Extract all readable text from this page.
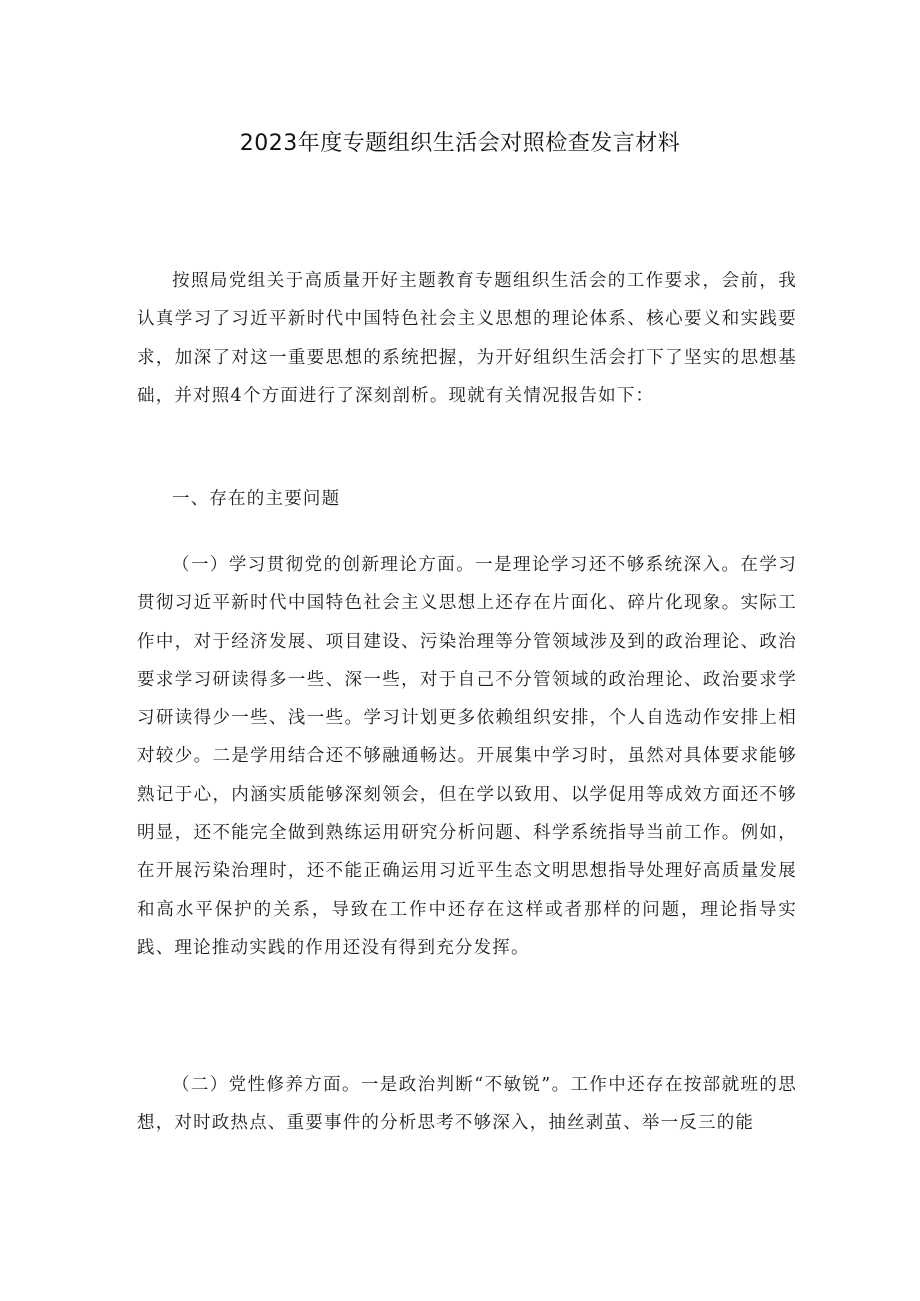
2023年度专题组织生活会对照检查发言材料

按照局党组关于高质量开好主题教育专题组织生活会的工作要求，会前，我认真学习了习近平新时代中国特色社会主义思想的理论体系、核心要义和实践要求，加深了对这一重要思想的系统把握，为开好组织生活会打下了坚实的思想基础，并对照4个方面进行了深刻剖析。现就有关情况报告如下：

一、存在的主要问题

（一）学习贯彻党的创新理论方面。一是理论学习还不够系统深入。在学习贯彻习近平新时代中国特色社会主义思想上还存在片面化、碎片化现象。实际工作中，对于经济发展、项目建设、污染治理等分管领域涉及到的政治理论、政治要求学习研读得多一些、深一些，对于自己不分管领域的政治理论、政治要求学习研读得少一些、浅一些。学习计划更多依赖组织安排，个人自选动作安排上相对较少。二是学用结合还不够融通畅达。开展集中学习时，虽然对具体要求能够熟记于心，内涵实质能够深刻领会，但在学以致用、以学促用等成效方面还不够明显，还不能完全做到熟练运用研究分析问题、科学系统指导当前工作。例如，在开展污染治理时，还不能正确运用习近平生态文明思想指导处理好高质量发展和高水平保护的关系，导致在工作中还存在这样或者那样的问题，理论指导实践、理论推动实践的作用还没有得到充分发挥。

（二）党性修养方面。一是政治判断“不敏锐”。工作中还存在按部就班的思想，对时政热点、重要事件的分析思考不够深入，抽丝剥茧、举一反三的能
